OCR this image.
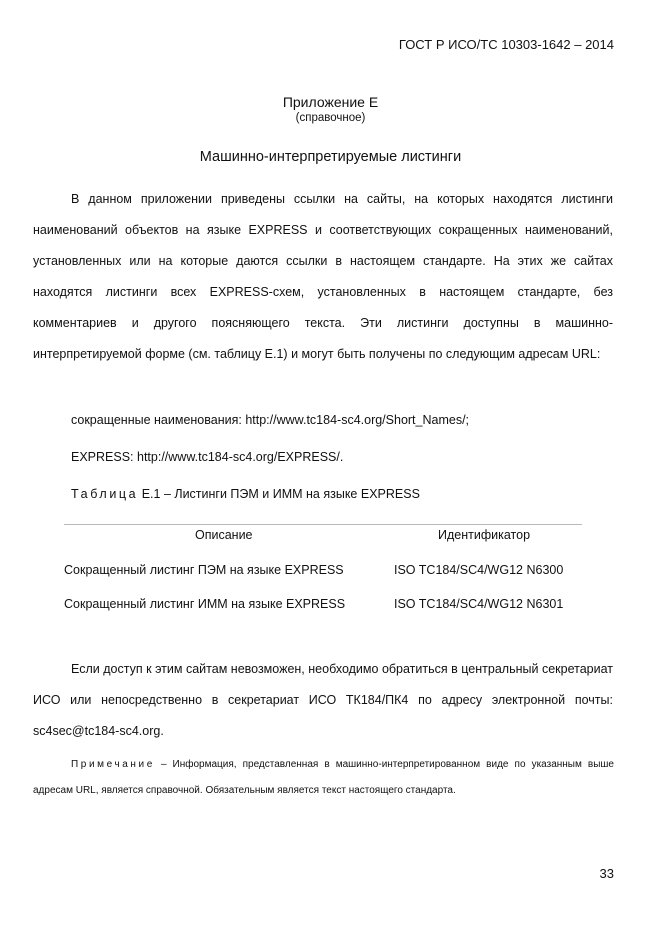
ГОСТ Р ИСО/ТС 10303-1642 – 2014
Приложение Е
(справочное)
Машинно-интерпретируемые листинги

В данном приложении приведены ссылки на сайты, на которых находятся листинги наименований объектов на языке EXPRESS и соответствующих сокращенных наименований, установленных или на которые даются ссылки в настоящем стандарте. На этих же сайтах находятся листинги всех EXPRESS-схем, установленных в настоящем стандарте, без комментариев и другого поясняющего текста. Эти листинги доступны в машинно-интерпретируемой форме (см. таблицу Е.1) и могут быть получены по следующим адресам URL:

сокращенные наименования: http://www.tc184-sc4.org/Short_Names/;
EXPRESS: http://www.tc184-sc4.org/EXPRESS/.
Таблица Е.1 – Листинги ПЭМ и ИММ на языке EXPRESS
Описание	Идентификатор
Сокращенный листинг ПЭМ на языке EXPRESS	ISO TC184/SC4/WG12 N6300
Сокращенный листинг ИММ на языке EXPRESS	ISO TC184/SC4/WG12 N6301

Если доступ к этим сайтам невозможен, необходимо обратиться в центральный секретариат ИСО или непосредственно в секретариат ИСО ТК184/ПК4 по адресу электронной почты: sc4sec@tc184-sc4.org.

Примечание – Информация, представленная в машинно-интерпретированном виде по указанным выше адресам URL, является справочной. Обязательным является текст настоящего стандарта.

33
